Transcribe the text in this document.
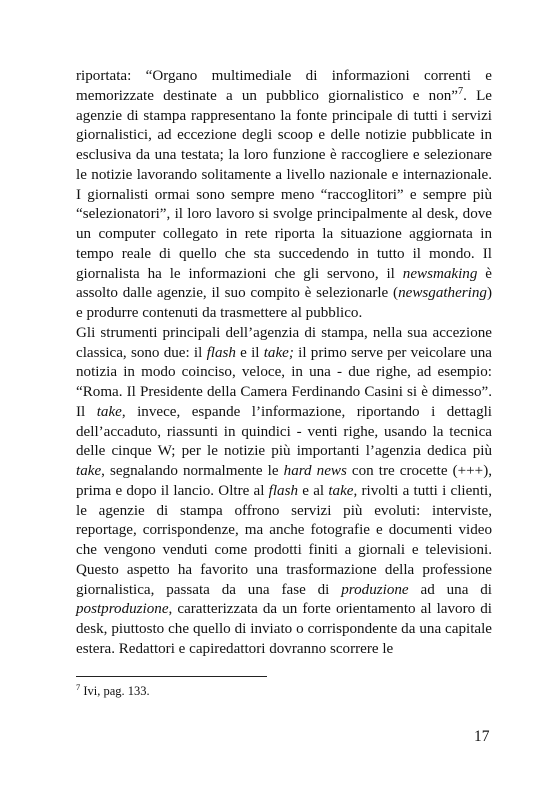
riportata: “Organo multimediale di informazioni correnti e memorizzate destinate a un pubblico giornalistico e non”$^7$. Le agenzie di stampa rappresentano la fonte principale di tutti i servizi giornalistici, ad eccezione degli scoop e delle notizie pubblicate in esclusiva da una testata; la loro funzione è raccogliere e selezionare le notizie lavorando solitamente a livello nazionale e internazionale. I giornalisti ormai sono sempre meno “raccoglitori” e sempre più “selezionatori”, il loro lavoro si svolge principalmente al desk, dove un computer collegato in rete riporta la situazione aggiornata in tempo reale di quello che sta succedendo in tutto il mondo. Il giornalista ha le informazioni che gli servono, il newsmaking è assolto dalle agenzie, il suo compito è selezionarle (newsgathering) e produrre contenuti da trasmettere al pubblico.

Gli strumenti principali dell’agenzia di stampa, nella sua accezione classica, sono due: il flash e il take; il primo serve per veicolare una notizia in modo coinciso, veloce, in una - due righe, ad esempio: “Roma. Il Presidente della Camera Ferdinando Casini si è dimesso”. Il take, invece, espande l’informazione, riportando i dettagli dell’accaduto, riassunti in quindici - venti righe, usando la tecnica delle cinque W; per le notizie più importanti l’agenzia dedica più take, segnalando normalmente le hard news con tre crocette (+++), prima e dopo il lancio. Oltre al flash e al take, rivolti a tutti i clienti, le agenzie di stampa offrono servizi più evoluti: interviste, reportage, corrispondenze, ma anche fotografie e documenti video che vengono venduti come prodotti finiti a giornali e televisioni. Questo aspetto ha favorito una trasformazione della professione giornalistica, passata da una fase di produzione ad una di postproduzione, caratterizzata da un forte orientamento al lavoro di desk, piuttosto che quello di inviato o corrispondente da una capitale estera. Redattori e capiredattori dovranno scorrere le

$^7$ Ivi, pag. 133.
17
